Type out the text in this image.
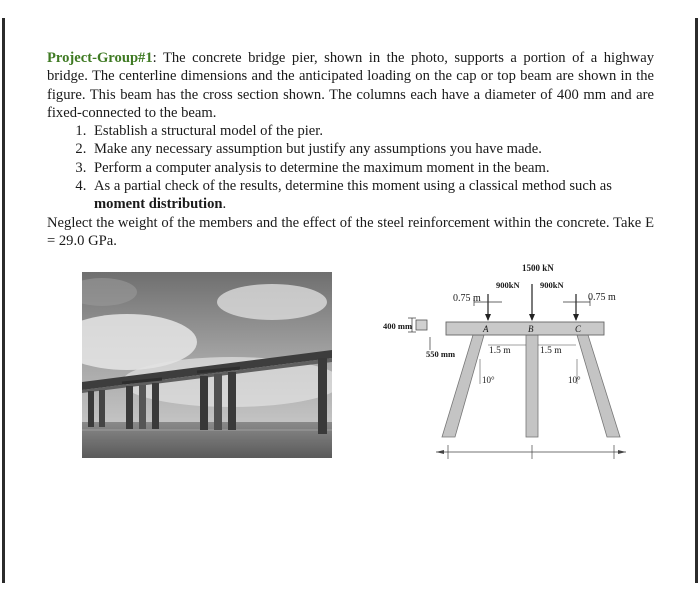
Project-Group#1: The concrete bridge pier, shown in the photo, supports a portion of a highway bridge. The centerline dimensions and the anticipated loading on the cap or top beam are shown in the figure. This beam has the cross section shown. The columns each have a diameter of 400 mm and are fixed-connected to the beam.

1. Establish a structural model of the pier.
2. Make any necessary assumption but justify any assumptions you have made.
3. Perform a computer analysis to determine the maximum moment in the beam.
4. As a partial check of the results, determine this moment using a classical method such as moment distribution.

Neglect the weight of the members and the effect of the steel reinforcement within the concrete. Take E = 29.0 GPa.

1500 kN
900kN 900kN
0.75 m	0.75 m
400 mm
550 mm	1.5 m	1.5 m
10°	10°
A	B	C
